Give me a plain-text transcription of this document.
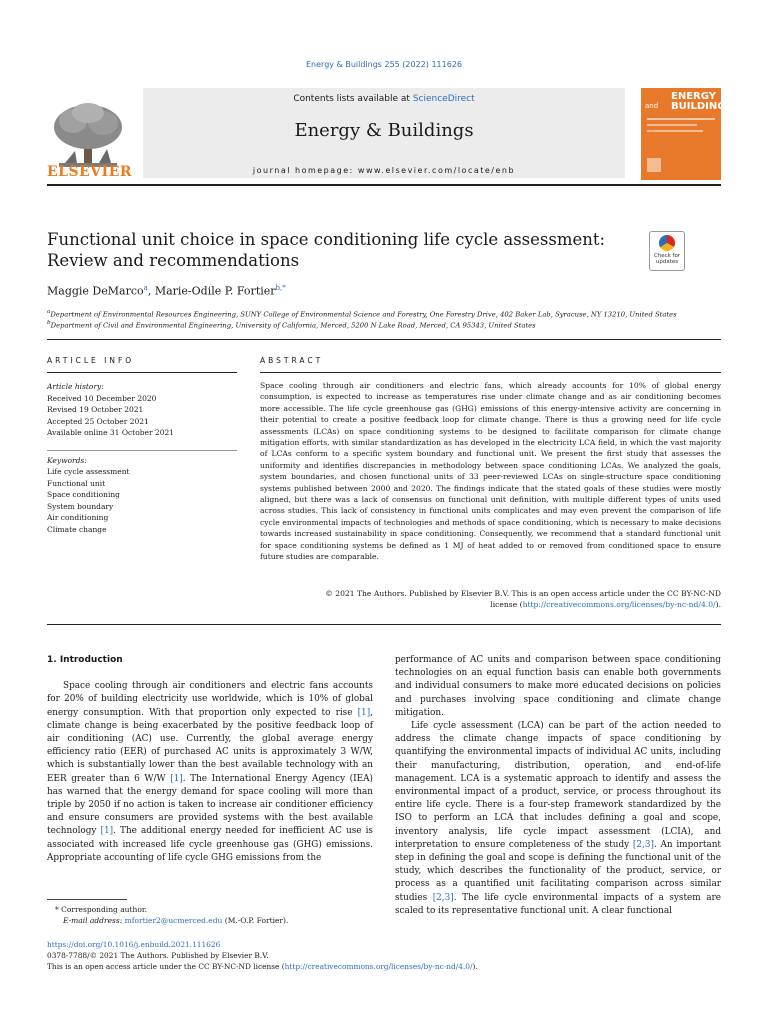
Energy & Buildings 255 (2022) 111626
Contents lists available at ScienceDirect
Energy & Buildings
journal homepage: www.elsevier.com/locate/enb
ELSEVIER
ENERGY BUILDINGS
and
Functional unit choice in space conditioning life cycle assessment: Review and recommendations	Check for updates
Maggie DeMarco$^a$, Marie-Odile P. Fortier$^{b,*}$
$^a$Department of Environmental Resources Engineering, SUNY College of Environmental Science and Forestry, One Forestry Drive, 402 Baker Lab, Syracuse, NY 13210, United States
$^b$Department of Civil and Environmental Engineering, University of California, Merced, 5200 N Lake Road, Merced, CA 95343, United States
ARTICLE INFO	ABSTRACT
Article history:
Received 10 December 2020
Revised 19 October 2021
Accepted 25 October 2021
Available online 31 October 2021
Keywords:
Life cycle assessment
Functional unit
Space conditioning
System boundary
Air conditioning
Climate change
Space cooling through air conditioners and electric fans, which already accounts for 10% of global energy consumption, is expected to increase as temperatures rise under climate change and as air conditioning becomes more accessible. The life cycle greenhouse gas (GHG) emissions of this energy-intensive activity are concerning in their potential to create a positive feedback loop for climate change. There is thus a growing need for life cycle assessments (LCAs) on space conditioning systems to be designed to facilitate comparison for climate change mitigation efforts, with similar standardization as has developed in the electricity LCA field, in which the vast majority of LCAs conform to a specific system boundary and functional unit. We present the first study that assesses the uniformity and identifies discrepancies in methodology between space conditioning LCAs. We analyzed the goals, system boundaries, and chosen functional units of 33 peer-reviewed LCAs on single-structure space conditioning systems published between 2000 and 2020. The findings indicate that the stated goals of these studies were mostly aligned, but there was a lack of consensus on functional unit definition, with multiple different types of units used across studies. This lack of consistency in functional units complicates and may even prevent the comparison of life cycle environmental impacts of technologies and methods of space conditioning, which is necessary to make decisions towards increased sustainability in space conditioning. Consequently, we recommend that a standard functional unit for space conditioning systems be defined as 1 MJ of heat added to or removed from conditioned space to ensure future studies are comparable.
© 2021 The Authors. Published by Elsevier B.V. This is an open access article under the CC BY-NC-ND
license (http://creativecommons.org/licenses/by-nc-nd/4.0/).
1. Introduction

Space cooling through air conditioners and electric fans accounts for 20% of building electricity use worldwide, which is 10% of global energy consumption. With that proportion only expected to rise [1], climate change is being exacerbated by the positive feedback loop of air conditioning (AC) use. Currently, the global average energy efficiency ratio (EER) of purchased AC units is approximately 3 W/W, which is substantially lower than the best available technology with an EER greater than 6 W/W [1]. The International Energy Agency (IEA) has warned that the energy demand for space cooling will more than triple by 2050 if no action is taken to increase air conditioner efficiency and ensure consumers are provided systems with the best available technology [1]. The additional energy needed for inefficient AC use is associated with increased life cycle greenhouse gas (GHG) emissions. Appropriate accounting of life cycle GHG emissions from the

performance of AC units and comparison between space conditioning technologies on an equal function basis can enable both governments and individual consumers to make more educated decisions on policies and purchases involving space conditioning and climate change mitigation.

Life cycle assessment (LCA) can be part of the action needed to address the climate change impacts of space conditioning by quantifying the environmental impacts of individual AC units, including their manufacturing, distribution, operation, and end-of-life management. LCA is a systematic approach to identify and assess the environmental impact of a product, service, or process throughout its entire life cycle. There is a four-step framework standardized by the ISO to perform an LCA that includes defining a goal and scope, inventory analysis, life cycle impact assessment (LCIA), and interpretation to ensure completeness of the study [2,3]. An important step in defining the goal and scope is defining the functional unit of the study, which describes the functionality of the product, service, or process as a quantified unit facilitating comparison across similar studies [2,3]. The life cycle environmental impacts of a system are scaled to its representative functional unit. A clear functional

* Corresponding author.
E-mail address: mfortier2@ucmerced.edu (M.-O.P. Fortier).
https://doi.org/10.1016/j.enbuild.2021.111626
0378-7788/© 2021 The Authors. Published by Elsevier B.V.
This is an open access article under the CC BY-NC-ND license (http://creativecommons.org/licenses/by-nc-nd/4.0/).
